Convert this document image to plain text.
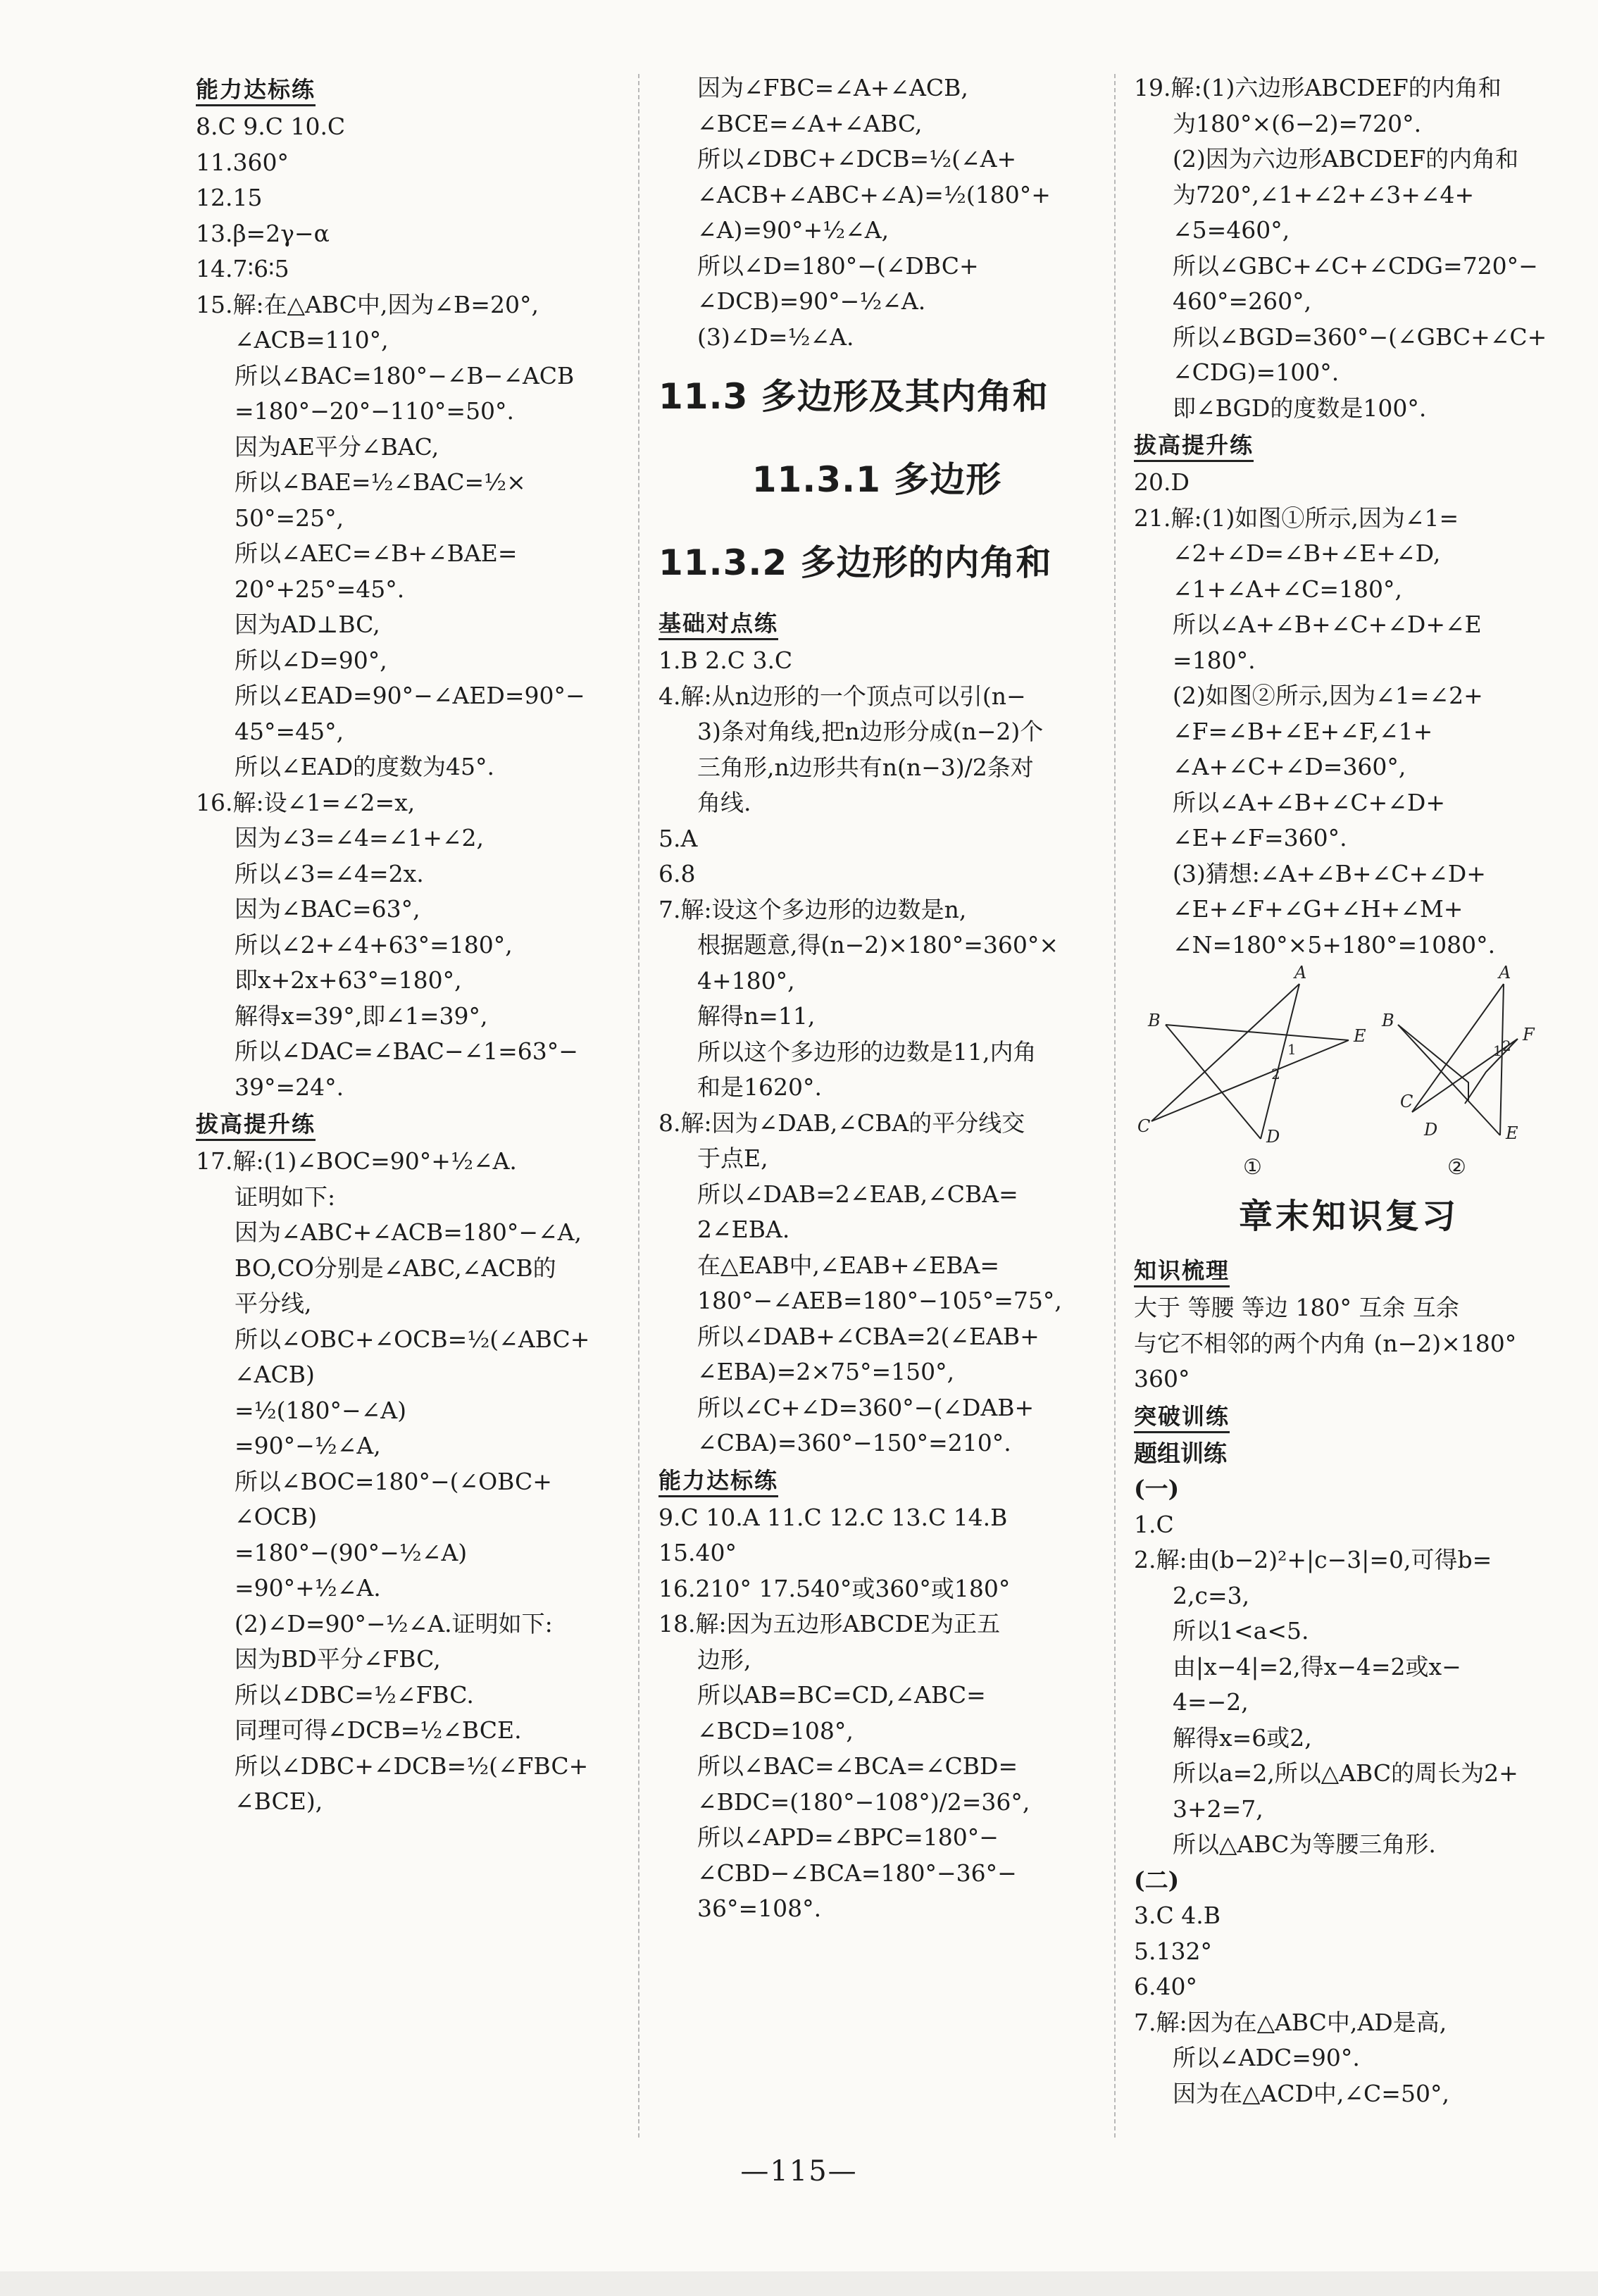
能力达标练
8.C 9.C 10.C
11.360°
12.15
13.β=2γ−α
14.7∶6∶5
15.解:在△ABC中,因为∠B=20°,
∠ACB=110°,
所以∠BAC=180°−∠B−∠ACB
=180°−20°−110°=50°.
因为AE平分∠BAC,
所以∠BAE=½∠BAC=½×
50°=25°,
所以∠AEC=∠B+∠BAE=
20°+25°=45°.
因为AD⊥BC,
所以∠D=90°,
所以∠EAD=90°−∠AED=90°−
45°=45°,
所以∠EAD的度数为45°.
16.解:设∠1=∠2=x,
因为∠3=∠4=∠1+∠2,
所以∠3=∠4=2x.
因为∠BAC=63°,
所以∠2+∠4+63°=180°,
即x+2x+63°=180°,
解得x=39°,即∠1=39°,
所以∠DAC=∠BAC−∠1=63°−
39°=24°.
拔高提升练
17.解:(1)∠BOC=90°+½∠A.
证明如下:
因为∠ABC+∠ACB=180°−∠A,
BO,CO分别是∠ABC,∠ACB的
平分线,
所以∠OBC+∠OCB=½(∠ABC+
∠ACB)
=½(180°−∠A)
=90°−½∠A,
所以∠BOC=180°−(∠OBC+
∠OCB)
=180°−(90°−½∠A)
=90°+½∠A.
(2)∠D=90°−½∠A.证明如下:
因为BD平分∠FBC,
所以∠DBC=½∠FBC.
同理可得∠DCB=½∠BCE.
所以∠DBC+∠DCB=½(∠FBC+
∠BCE),
因为∠FBC=∠A+∠ACB,
∠BCE=∠A+∠ABC,
所以∠DBC+∠DCB=½(∠A+
∠ACB+∠ABC+∠A)=½(180°+
∠A)=90°+½∠A,
所以∠D=180°−(∠DBC+
∠DCB)=90°−½∠A.
(3)∠D=½∠A.
11.3 多边形及其内角和
11.3.1 多边形
11.3.2 多边形的内角和
基础对点练
1.B 2.C 3.C
4.解:从n边形的一个顶点可以引(n−
3)条对角线,把n边形分成(n−2)个
三角形,n边形共有n(n−3)/2条对
角线.
5.A
6.8
7.解:设这个多边形的边数是n,
根据题意,得(n−2)×180°=360°×
4+180°,
解得n=11,
所以这个多边形的边数是11,内角
和是1620°.
8.解:因为∠DAB,∠CBA的平分线交
于点E,
所以∠DAB=2∠EAB,∠CBA=
2∠EBA.
在△EAB中,∠EAB+∠EBA=
180°−∠AEB=180°−105°=75°,
所以∠DAB+∠CBA=2(∠EAB+
∠EBA)=2×75°=150°,
所以∠C+∠D=360°−(∠DAB+
∠CBA)=360°−150°=210°.
能力达标练
9.C 10.A 11.C 12.C 13.C 14.B
15.40°
16.210° 17.540°或360°或180°
18.解:因为五边形ABCDE为正五
边形,
所以AB=BC=CD,∠ABC=
∠BCD=108°,
所以∠BAC=∠BCA=∠CBD=
∠BDC=(180°−108°)/2=36°,
所以∠APD=∠BPC=180°−
∠CBD−∠BCA=180°−36°−
36°=108°.
19.解:(1)六边形ABCDEF的内角和
为180°×(6−2)=720°.
(2)因为六边形ABCDEF的内角和
为720°,∠1+∠2+∠3+∠4+
∠5=460°,
所以∠GBC+∠C+∠CDG=720°−
460°=260°,
所以∠BGD=360°−(∠GBC+∠C+
∠CDG)=100°.
即∠BGD的度数是100°.
拔高提升练
20.D
21.解:(1)如图①所示,因为∠1=
∠2+∠D=∠B+∠E+∠D,
∠1+∠A+∠C=180°,
所以∠A+∠B+∠C+∠D+∠E
=180°.
(2)如图②所示,因为∠1=∠2+
∠F=∠B+∠E+∠F,∠1+
∠A+∠C+∠D=360°,
所以∠A+∠B+∠C+∠D+
∠E+∠F=360°.
(3)猜想:∠A+∠B+∠C+∠D+
∠E+∠F+∠G+∠H+∠M+
∠N=180°×5+180°=1080°.
A
B
E
C
D
1
2
A
B
F
E
C
D
1 2
①	②
章末知识复习
知识梳理
大于 等腰 等边 180° 互余 互余
与它不相邻的两个内角 (n−2)×180°
360°
突破训练
题组训练
(一)
1.C
2.解:由(b−2)²+|c−3|=0,可得b=
2,c=3,
所以1<a<5.
由|x−4|=2,得x−4=2或x−
4=−2,
解得x=6或2,
所以a=2,所以△ABC的周长为2+
3+2=7,
所以△ABC为等腰三角形.
(二)
3.C 4.B
5.132°
6.40°
7.解:因为在△ABC中,AD是高,
所以∠ADC=90°.
因为在△ACD中,∠C=50°,
—115—
